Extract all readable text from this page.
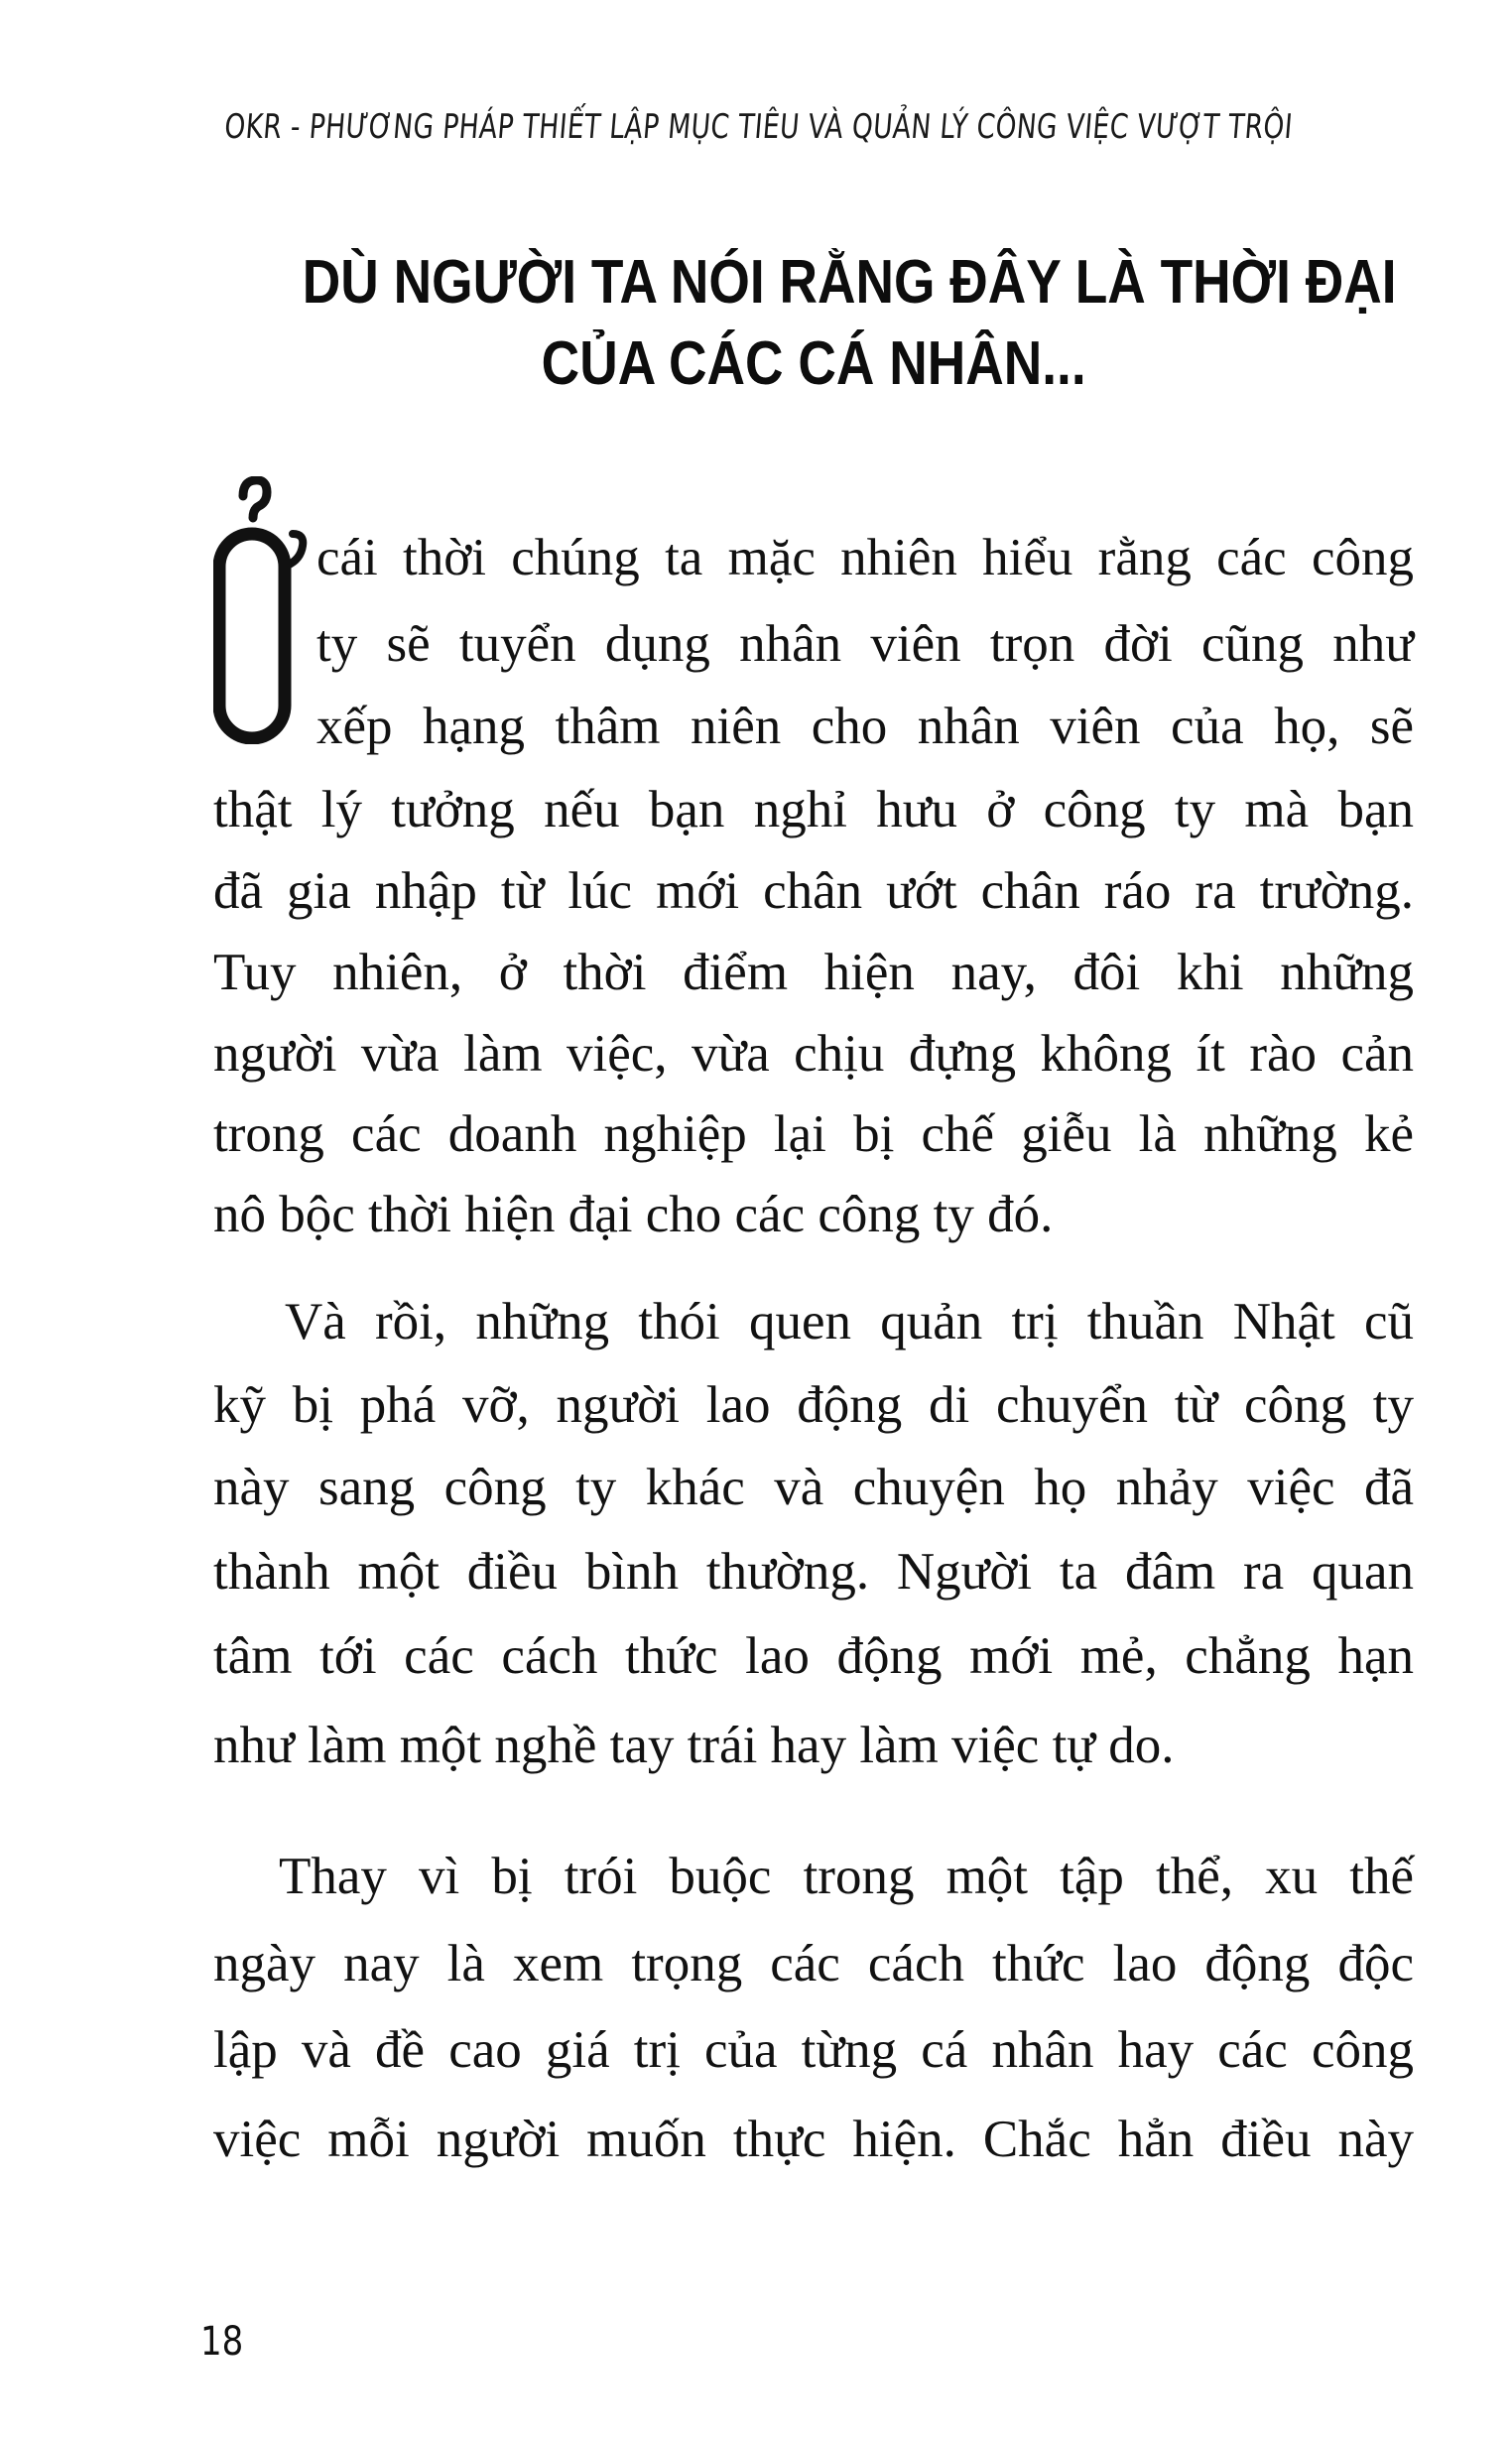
OKR - PHƯƠNG PHÁP THIẾT LẬP MỤC TIÊU VÀ QUẢN LÝ CÔNG VIỆC VƯỢT TRỘI
DÙ NGƯỜI TA NÓI RẰNG ĐÂY LÀ THỜI ĐẠI
CỦA CÁC CÁ NHÂN...
cái thời chúng ta mặc nhiên hiểu rằng các công
ty sẽ tuyển dụng nhân viên trọn đời cũng như
xếp hạng thâm niên cho nhân viên của họ, sẽ
thật lý tưởng nếu bạn nghỉ hưu ở công ty mà bạn
đã gia nhập từ lúc mới chân ướt chân ráo ra trường.
Tuy nhiên, ở thời điểm hiện nay, đôi khi những
người vừa làm việc, vừa chịu đựng không ít rào cản
trong các doanh nghiệp lại bị chế giễu là những kẻ
nô bộc thời hiện đại cho các công ty đó.
Và rồi, những thói quen quản trị thuần Nhật cũ
kỹ bị phá vỡ, người lao động di chuyển từ công ty
này sang công ty khác và chuyện họ nhảy việc đã
thành một điều bình thường. Người ta đâm ra quan
tâm tới các cách thức lao động mới mẻ, chẳng hạn
như làm một nghề tay trái hay làm việc tự do.
Thay vì bị trói buộc trong một tập thể, xu thế
ngày nay là xem trọng các cách thức lao động độc
lập và đề cao giá trị của từng cá nhân hay các công
việc mỗi người muốn thực hiện. Chắc hẳn điều này
18
